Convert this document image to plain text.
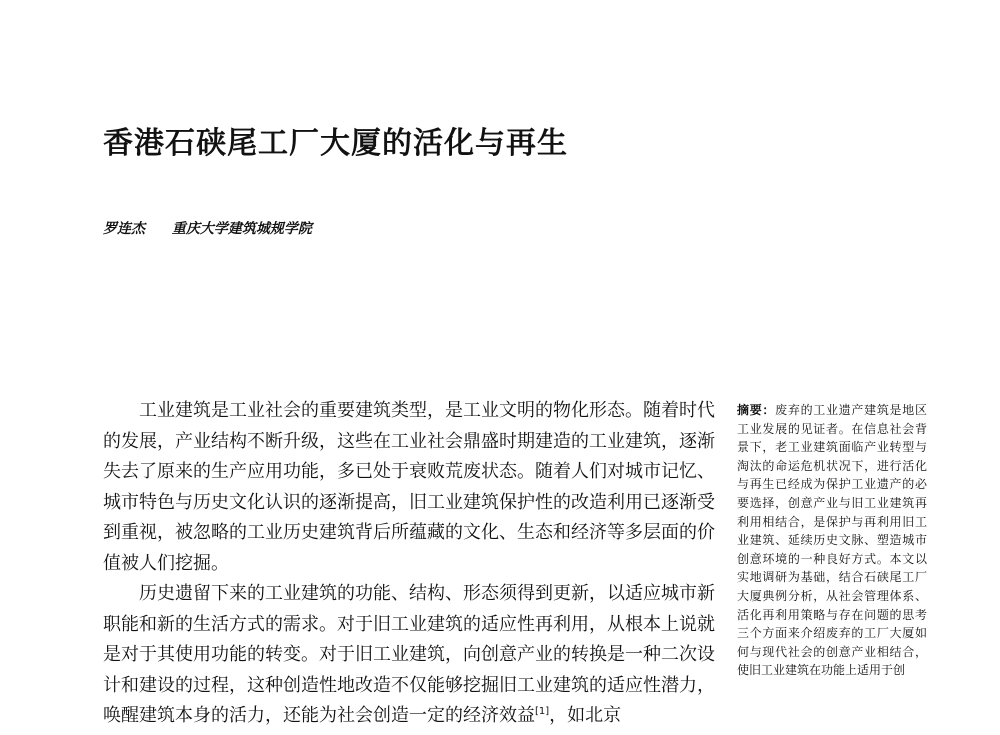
香港石硖尾工厂大厦的活化与再生
罗连杰 重庆大学建筑城规学院

工业建筑是工业社会的重要建筑类型，是工业文明的物化形态。随着时代的发展，产业结构不断升级，这些在工业社会鼎盛时期建造的工业建筑，逐渐失去了原来的生产应用功能，多已处于衰败荒废状态。随着人们对城市记忆、城市特色与历史文化认识的逐渐提高，旧工业建筑保护性的改造利用已逐渐受到重视，被忽略的工业历史建筑背后所蕴藏的文化、生态和经济等多层面的价值被人们挖掘。

历史遗留下来的工业建筑的功能、结构、形态须得到更新，以适应城市新职能和新的生活方式的需求。对于旧工业建筑的适应性再利用，从根本上说就是对于其使用功能的转变。对于旧工业建筑，向创意产业的转换是一种二次设计和建设的过程，这种创造性地改造不仅能够挖掘旧工业建筑的适应性潜力，唤醒建筑本身的活力，还能为社会创造一定的经济效益[1]，如北京

摘要：废弃的工业遗产建筑是地区工业发展的见证者。在信息社会背景下，老工业建筑面临产业转型与淘汰的命运危机状况下，进行活化与再生已经成为保护工业遗产的必要选择，创意产业与旧工业建筑再利用相结合，是保护与再利用旧工业建筑、延续历史文脉、塑造城市创意环境的一种良好方式。本文以实地调研为基础，结合石硖尾工厂大厦典例分析，从社会管理体系、活化再利用策略与存在问题的思考三个方面来介绍废弃的工厂大厦如何与现代社会的创意产业相结合，使旧工业建筑在功能上适用于创
